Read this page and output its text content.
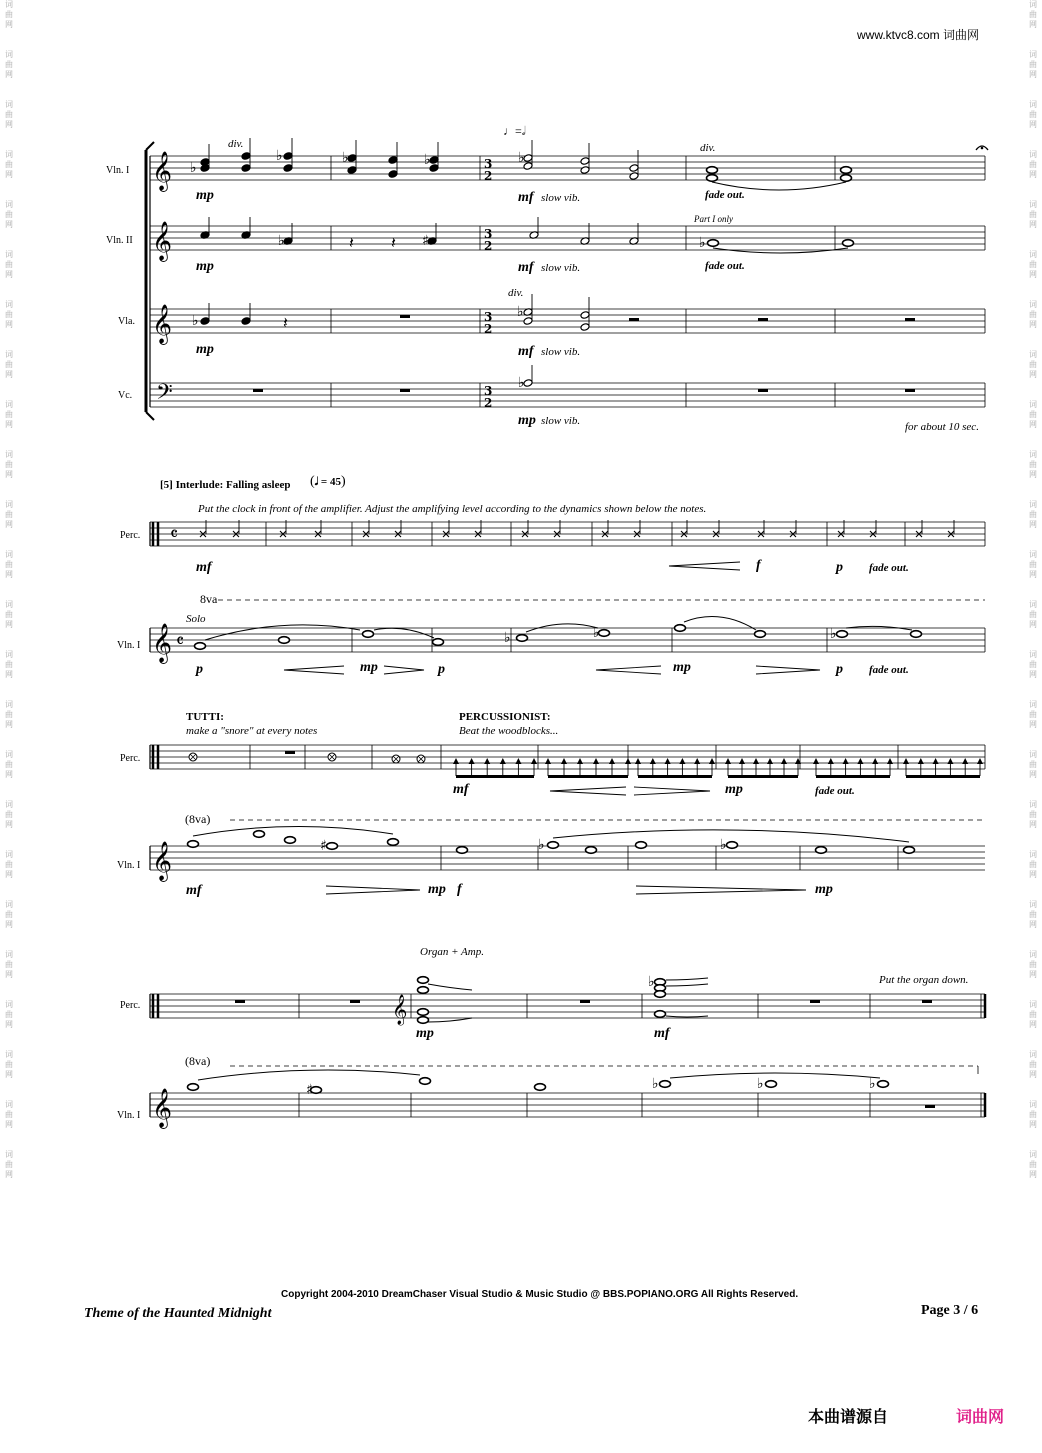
词
曲
网
词
曲
网
词
曲
网
词
曲
网
词
曲
网
词
曲
网
词
曲
网
词
曲
网
词
曲
网
词
曲
网
词
曲
网
词
曲
网
词
曲
网
词
曲
网
词
曲
网
词
曲
网
词
曲
网
词
曲
网
词
曲
网
词
曲
网
词
曲
网
词
曲
网
词
曲
网
词
曲
网
词
曲
网
词
曲
网
词
曲
网
词
曲
网
词
曲
网
词
曲
网
词
曲
网
词
曲
网
词
曲
网
词
曲
网
词
曲
网
词
曲
网
词
曲
网
词
曲
网
词
曲
网
词
曲
网
词
曲
网
词
曲
网
词
曲
网
词
曲
网
词
曲
网
词
曲
网
词
曲
网
词
曲
网
www.ktvc8.com 词曲网
𝄞
𝄞
𝄞
𝄢
3
2
3
2
3
2
3
2
♭
♭	♭	♭	♭
♭	𝄽 𝄽 ♯	♭
♭	𝄽
♭
♭
𝄴
𝄞 𝄴	♭	♭	♭
𝄞	♯	♭	♭
𝄞
♭
𝄞	♯	♭	♭	♭
Vln. I
Vln. II
Vla.
Vc.
div.
♩=𝅗𝅥
mp	mf slow vib.
div.
fade out.
mp	mf slow vib.
Part I only
fade out.
div.
mp	mf slow vib.
mp slow vib.	for about 10 sec.
[5] Interlude: Falling asleep (𝅗𝅥 = 45)
Put the clock in front of the amplifier. Adjust the amplifying level according to the dynamics shown below the notes.
Perc.
Vln. I
mf	f	p fade out.
8va
Solo
p	mp	p	mp	p fade out.
TUTTI:
make a "snore" at every notes
PERCUSSIONIST:
Beat the woodblocks...
Perc.
Vln. I
mf	mp	fade out.
(8va)
mf	mp f	mp
Organ + Amp.
Put the organ down.
Perc.
Vln. I
mp	mf
(8va)
Copyright 2004-2010 DreamChaser Visual Studio & Music Studio @ BBS.POPIANO.ORG All Rights Reserved.
Theme of the Haunted Midnight	Page 3 / 6
本曲谱源自	词曲网
